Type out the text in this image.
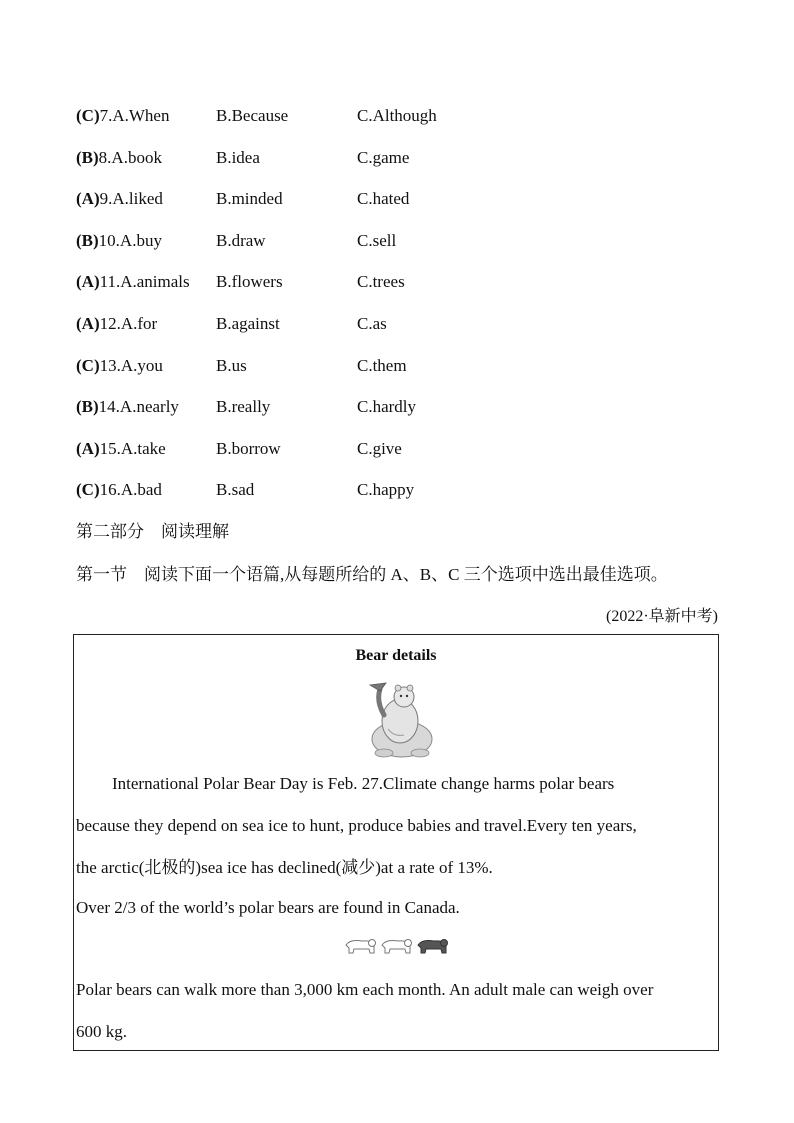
(C)7.A.When	B.Because	C.Although
(B)8.A.book	B.idea	C.game
(A)9.A.liked	B.minded	C.hated
(B)10.A.buy	B.draw	C.sell
(A)11.A.animals B.flowers	C.trees
(A)12.A.for	B.against	C.as
(C)13.A.you	B.us	C.them
(B)14.A.nearly B.really	C.hardly
(A)15.A.take	B.borrow	C.give
(C)16.A.bad	B.sad	C.happy
第二部分　阅读理解
第一节　阅读下面一个语篇,从每题所给的 A、B、C 三个选项中选出最佳选项。
(2022·阜新中考)
Bear details
International Polar Bear Day is Feb. 27.Climate change harms polar bears
because they depend on sea ice to hunt, produce babies and travel.Every ten years,
the arctic(北极的)sea ice has declined(减少)at a rate of 13%.
Over 2/3 of the world’s polar bears are found in Canada.
Polar bears can walk more than 3,000 km each month. An adult male can weigh over
600 kg.
